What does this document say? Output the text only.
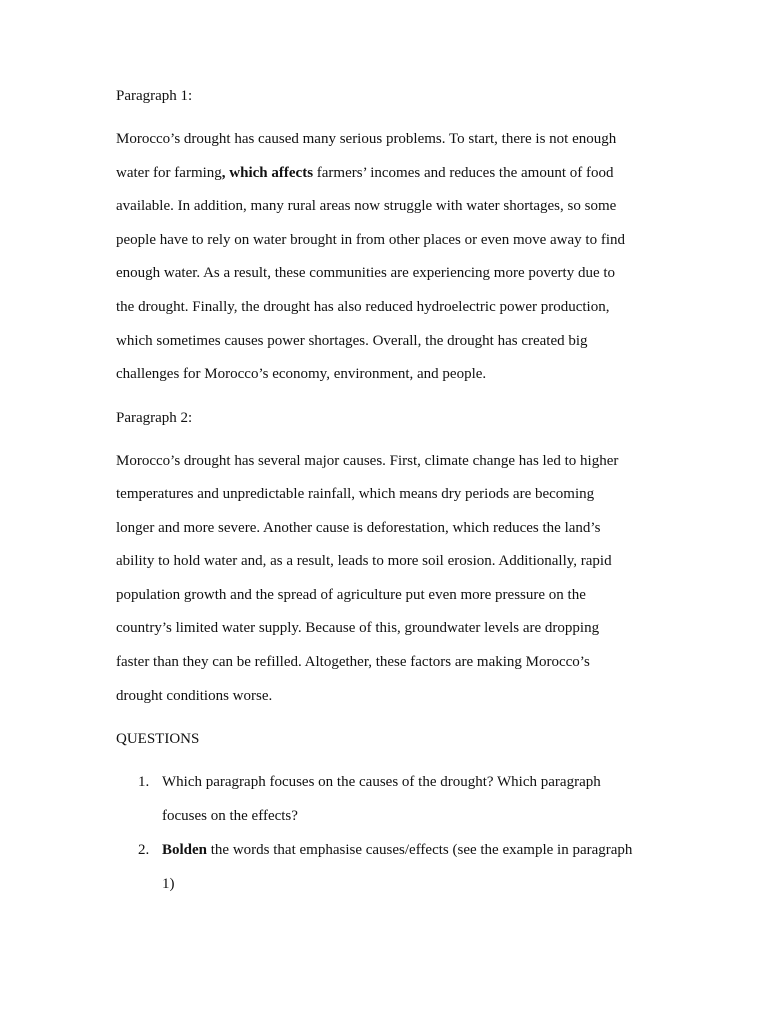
Paragraph 1:
Morocco’s drought has caused many serious problems. To start, there is not enough
water for farming, which affects farmers’ incomes and reduces the amount of food
available. In addition, many rural areas now struggle with water shortages, so some
people have to rely on water brought in from other places or even move away to find
enough water. As a result, these communities are experiencing more poverty due to
the drought. Finally, the drought has also reduced hydroelectric power production,
which sometimes causes power shortages. Overall, the drought has created big
challenges for Morocco’s economy, environment, and people.
Paragraph 2:
Morocco’s drought has several major causes. First, climate change has led to higher
temperatures and unpredictable rainfall, which means dry periods are becoming
longer and more severe. Another cause is deforestation, which reduces the land’s
ability to hold water and, as a result, leads to more soil erosion. Additionally, rapid
population growth and the spread of agriculture put even more pressure on the
country’s limited water supply. Because of this, groundwater levels are dropping
faster than they can be refilled. Altogether, these factors are making Morocco’s
drought conditions worse.
QUESTIONS
1. Which paragraph focuses on the causes of the drought? Which paragraph
focuses on the effects?
2. Bolden the words that emphasise causes/effects (see the example in paragraph
1)
